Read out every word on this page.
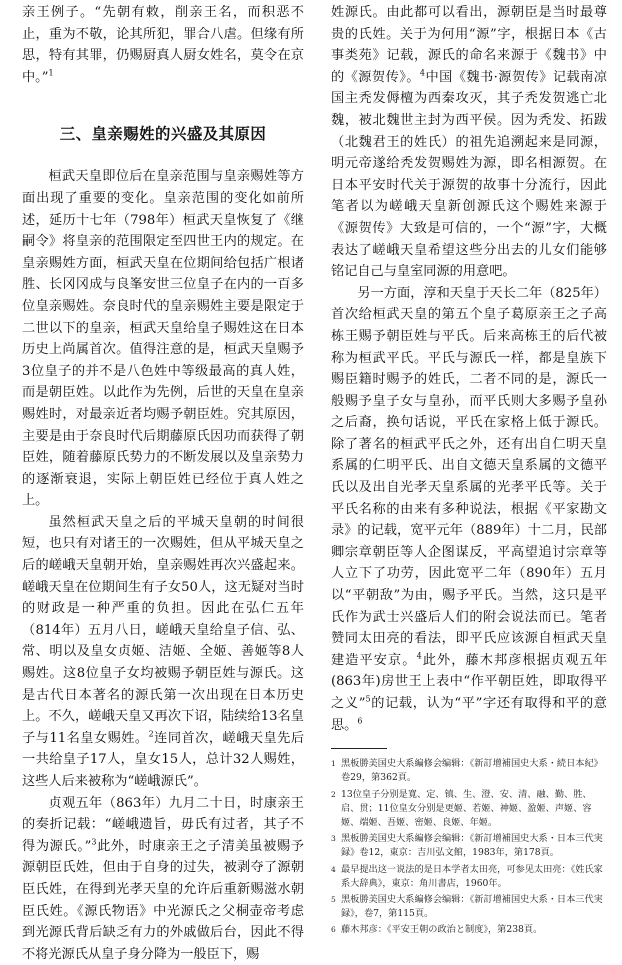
亲王例子。“先朝有敕，削亲王名，而积恶不止，重为不敬，论其所犯，罪合八虐。但缘有所思，特有其罪，仍赐厨真人厨女姓名，莫令在京中。”$^1$

三、皇亲赐姓的兴盛及其原因

桓武天皇即位后在皇亲范围与皇亲赐姓等方面出现了重要的变化。皇亲范围的变化如前所述，延历十七年（798年）桓武天皇恢复了《继嗣令》将皇亲的范围限定至四世王内的规定。在皇亲赐姓方面，桓武天皇在位期间给包括广根诸胜、长冈冈成与良峯安世三位皇子在内的一百多位皇亲赐姓。奈良时代的皇亲赐姓主要是限定于二世以下的皇亲，桓武天皇给皇子赐姓这在日本历史上尚属首次。值得注意的是，桓武天皇赐予3位皇子的并不是八色姓中等级最高的真人姓，而是朝臣姓。以此作为先例，后世的天皇在皇亲赐姓时，对最亲近者均赐予朝臣姓。究其原因，主要是由于奈良时代后期藤原氏因功而获得了朝臣姓，随着藤原氏势力的不断发展以及皇亲势力的逐渐衰退，实际上朝臣姓已经位于真人姓之上。

虽然桓武天皇之后的平城天皇朝的时间很短，也只有对诸王的一次赐姓，但从平城天皇之后的嵯峨天皇朝开始，皇亲赐姓再次兴盛起来。嵯峨天皇在位期间生有子女50人，这无疑对当时的财政是一种严重的负担。因此在弘仁五年（814年）五月八日，嵯峨天皇给皇子信、弘、常、明以及皇女贞姬、洁姬、全姬、善姬等8人赐姓。这8位皇子女均被赐予朝臣姓与源氏。这是古代日本著名的源氏第一次出现在日本历史上。不久，嵯峨天皇又再次下诏，陆续给13名皇子与11名皇女赐姓。$^2$连同首次，嵯峨天皇先后一共给皇子17人，皇女15人，总计32人赐姓，这些人后来被称为“嵯峨源氏”。

贞观五年（863年）九月二十日，时康亲王的奏折记载：“嵯峨遗旨，毋氏有过者，其子不得为源氏。”$^3$此外，时康亲王之子清美虽被赐予源朝臣氏姓，但由于自身的过失，被剥夺了源朝臣氏姓，在得到光孝天皇的允许后重新赐滋水朝臣氏姓。《源氏物语》中光源氏之父桐壶帝考虑到光源氏背后缺乏有力的外戚做后台，因此不得不将光源氏从皇子身分降为一般臣下，赐

姓源氏。由此都可以看出，源朝臣是当时最尊贵的氏姓。关于为何用“源”字，根据日本《古事类苑》记载，源氏的命名来源于《魏书》中的《源贺传》。$^4$中国《魏书·源贺传》记载南凉国主秃发傉檀为西秦攻灭，其子秃发贺逃亡北魏，被北魏世主封为西平侯。因为秃发、拓跋（北魏君王的姓氏）的祖先追溯起来是同源，明元帝遂给秃发贺赐姓为源，即名相源贺。在日本平安时代关于源贺的故事十分流行，因此笔者以为嵯峨天皇新创源氏这个赐姓来源于《源贺传》大致是可信的，一个“源”字，大概表达了嵯峨天皇希望这些分出去的儿女们能够铭记自己与皇室同源的用意吧。

另一方面，淳和天皇于天长二年（825年）首次给桓武天皇的第五个皇子葛原亲王之子高栋王赐予朝臣姓与平氏。后来高栋王的后代被称为桓武平氏。平氏与源氏一样，都是皇族下赐臣籍时赐予的姓氏，二者不同的是，源氏一般赐予皇子女与皇孙，而平氏则大多赐予皇孙之后裔，换句话说，平氏在家格上低于源氏。除了著名的桓武平氏之外，还有出自仁明天皇系属的仁明平氏、出自文德天皇系属的文德平氏以及出自光孝天皇系属的光孝平氏等。关于平氏名称的由来有多种说法，根据《平家勘文录》的记载，宽平元年（889年）十二月，民部卿宗章朝臣等人企图谋反，平高望追讨宗章等人立下了功劳，因此宽平二年（890年）五月以“平朝敌”为由，赐予平氏。当然，这只是平氏作为武士兴盛后人们的附会说法而已。笔者赞同太田亮的看法，即平氏应该源自桓武天皇建造平安京。$^4$此外，藤木邦彦根据贞观五年(863年)房世王上表中“作平朝臣姓，即取得平之义”$^5$的记载，认为“平”字还有取得和平的意思。$^6$

1 黑板勝美国史大系編修会编辑：《新訂增補国史大系・続日本紀》卷29，第362頁。

2 13位皇子分别是寬、定、镇、生、澄、安、清、融、勤、胜、启、贯；11位皇女分别是更姬、若姬、神姬、盈姬、声姬、容姬、端姬、吾姬、密姬、良姬、年姬。

3 黑板勝美国史大系編修会编辑：《新訂增補国史大系・日本三代実録》卷12，東京：吉川弘文館，1983年，第178頁。

4 最早提出这一说法的是日本学者太田亮，可参见太田亮：《姓氏家系大辞典》，東京：角川書店，1960年。

5 黑板勝美国史大系編修会编辑：《新訂增補国史大系・日本三代実録》，卷7，第115頁。

6 藤木邦彦：《平安王朝の政治と制度》，第238頁。
